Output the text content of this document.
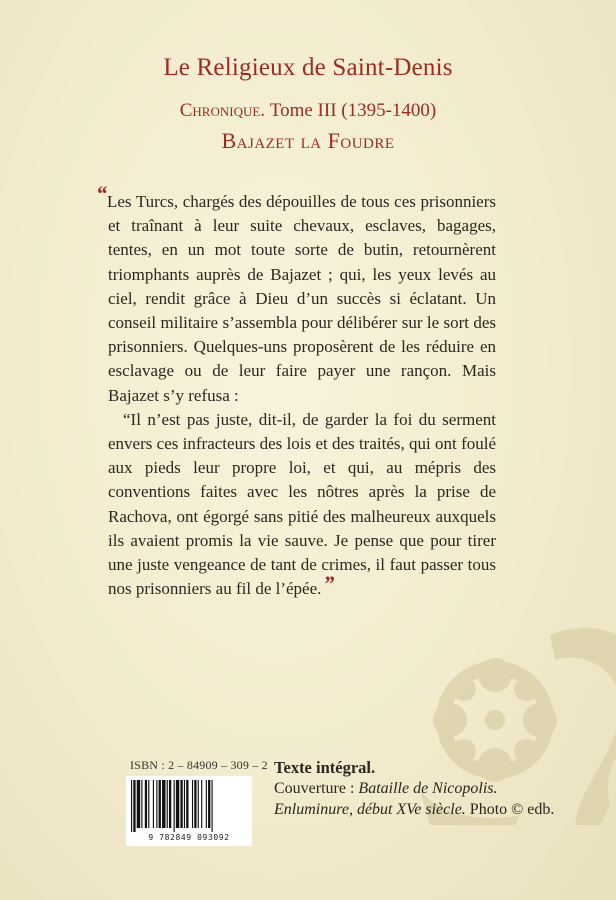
Le Religieux de Saint-Denis
Chronique. Tome III (1395-1400)
Bajazet la Foudre

“Les Turcs, chargés des dépouilles de tous ces prisonniers et traînant à leur suite chevaux, esclaves, bagages, tentes, en un mot toute sorte de butin, retournèrent triomphants auprès de Bajazet ; qui, les yeux levés au ciel, rendit grâce à Dieu d’un succès si éclatant. Un conseil militaire s’assembla pour délibérer sur le sort des prisonniers. Quelques-uns proposèrent de les réduire en esclavage ou de leur faire payer une rançon. Mais Bajazet s’y refusa :

“Il n’est pas juste, dit-il, de garder la foi du serment envers ces infracteurs des lois et des traités, qui ont foulé aux pieds leur propre loi, et qui, au mépris des conventions faites avec les nôtres après la prise de Rachova, ont égorgé sans pitié des malheureux auxquels ils avaient promis la vie sauve. Je pense que pour tirer une juste vengeance de tant de crimes, il faut passer tous nos prisonniers au fil de l’épée.”

ISBN : 2 – 84909 – 309 – 2
9 782849 093092
Texte intégral.
Couverture : Bataille de Nicopolis.
Enluminure, début XVe siècle. Photo © edb.
